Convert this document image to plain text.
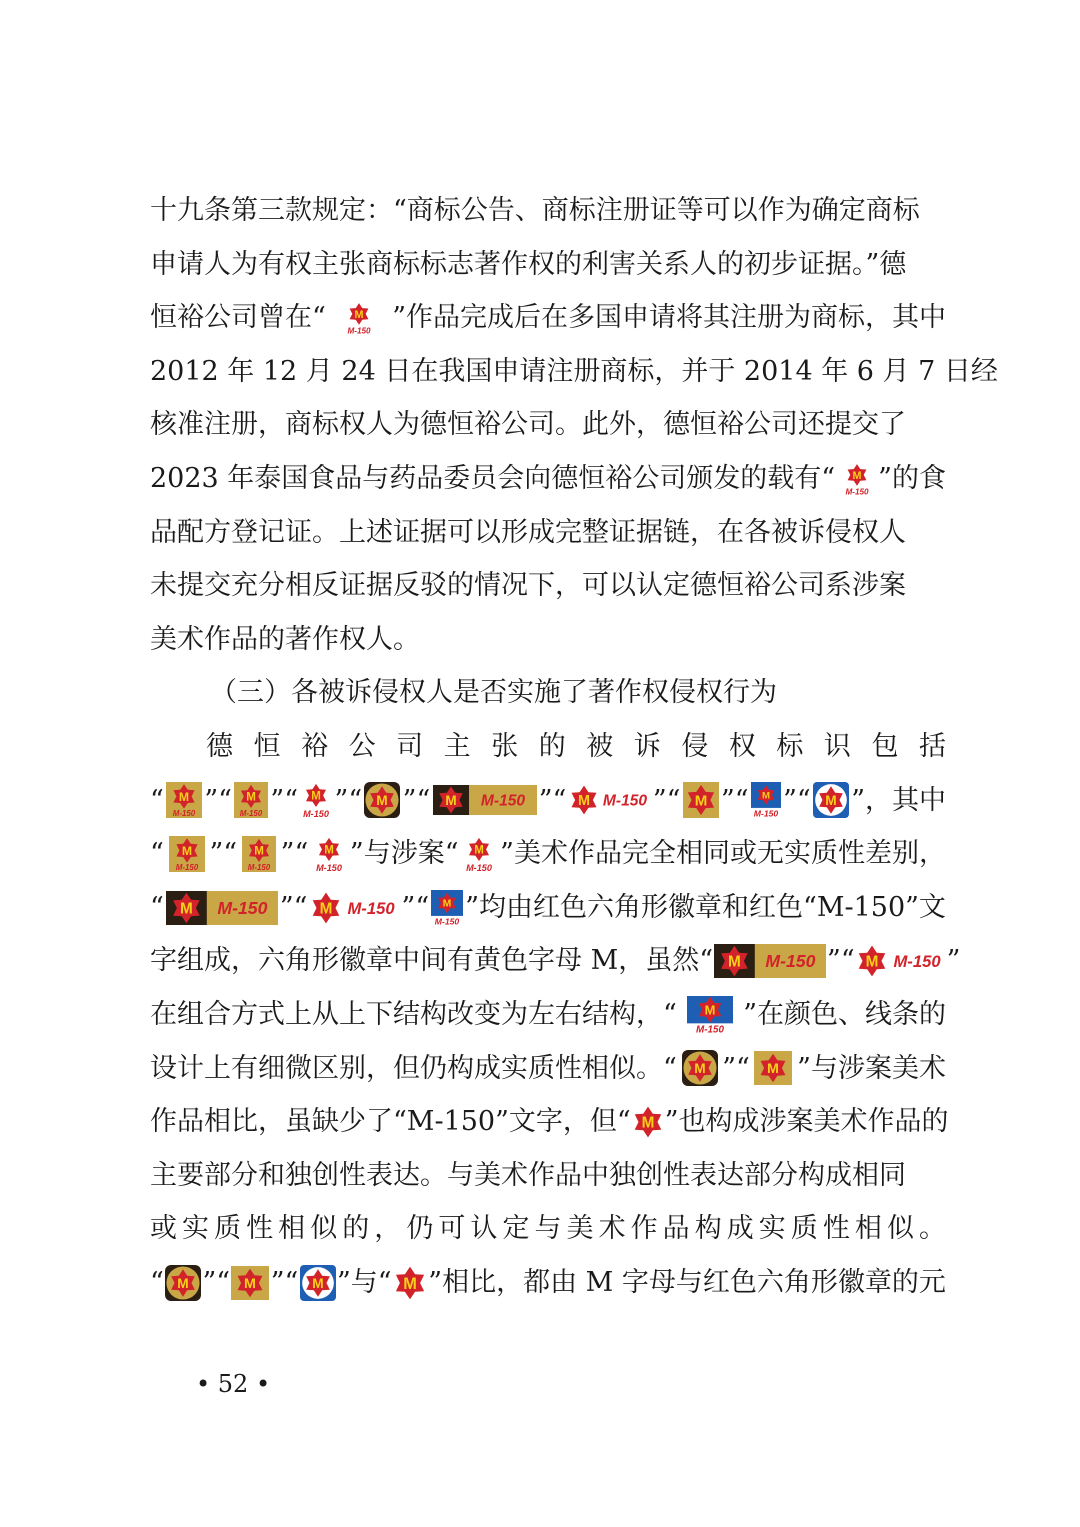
十九条第三款规定：“商标公告、商标注册证等可以作为确定商标
申请人为有权主张商标标志著作权的利害关系人的初步证据。”德
恒裕公司曾在“	M
M-150 ”作品完成后在多国申请将其注册为商标，其中
2012 年 12 月 24 日在我国申请注册商标，并于 2014 年 6 月 7 日经
核准注册，商标权人为德恒裕公司。此外，德恒裕公司还提交了
2023 年泰国食品与药品委员会向德恒裕公司颁发的载有“ M
M-150 ”的食
品配方登记证。上述证据可以形成完整证据链，在各被诉侵权人
未提交充分相反证据反驳的情况下，可以认定德恒裕公司系涉案
美术作品的著作权人。
（三）各被诉侵权人是否实施了著作权侵权行为
德恒裕公司主张的被诉侵权标识包括
“ M
M-150 ”“ M
M-150 ”“ M
M-150 ”“ M ”“ M M-150 ”“ M M-150 ”“ M ”“ M
M-150 ”“ M ”，其中
“ M
M-150 ”“ M
M-150 ”“ M
M-150 ”与涉案“ M
M-150 ”美术作品完全相同或无实质性差别，
“ M M-150 ”“ M M-150 ”“ M
M-150 ”均由红色六角形徽章和红色“M-150”文
字组成，六角形徽章中间有黄色字母 M，虽然“ M M-150 ”“ M M-150 ”
在组合方式上从上下结构改变为左右结构，“ M
M-150 ”在颜色、线条的
设计上有细微区别，但仍构成实质性相似。“ M ”“ M ”与涉案美术
作品相比，虽缺少了“M-150”文字，但“ M ”也构成涉案美术作品的
主要部分和独创性表达。与美术作品中独创性表达部分构成相同
或实质性相似的，仍可认定与美术作品构成实质性相似。
“ M ”“ M ”“ M ”与“ M ”相比，都由 M 字母与红色六角形徽章的元
• 52 •
